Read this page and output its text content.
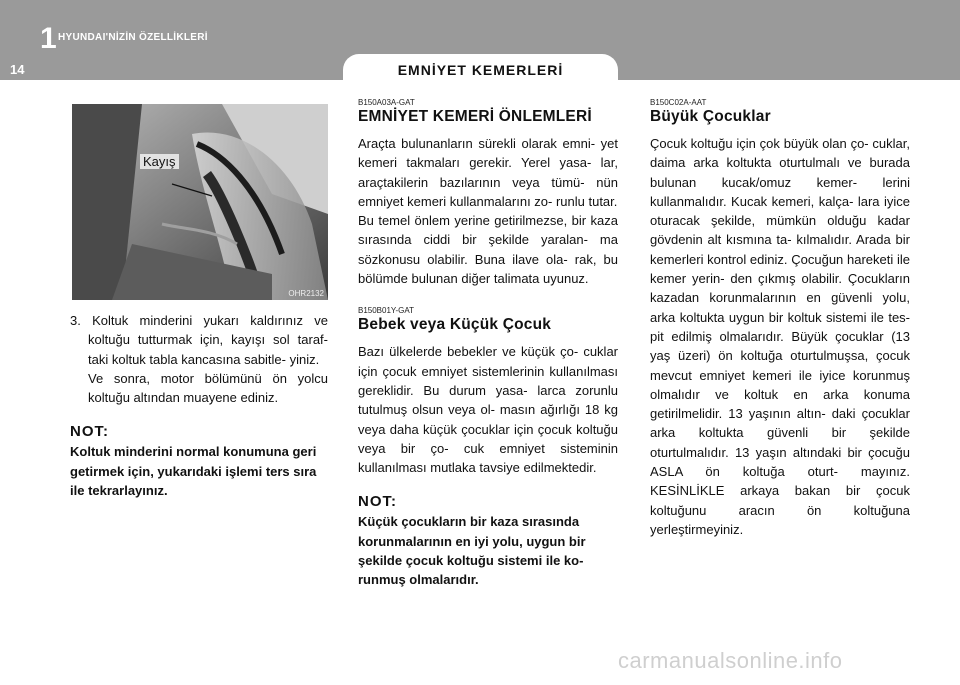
1 HYUNDAI'NİZİN ÖZELLİKLERİ
14	EMNİYET KEMERLERİ
Kayış
OHR2132

3. Koltuk minderini yukarı kaldırınız ve koltuğu tutturmak için, kayışı sol taraf- taki koltuk tabla kancasına sabitle- yiniz.

Ve sonra, motor bölümünü ön yolcu koltuğu altından muayene ediniz.

NOT:

Koltuk minderini normal konumuna geri getirmek için, yukarıdaki işlemi ters sıra ile tekrarlayınız.

B150A03A-GAT
EMNİYET KEMERİ ÖNLEMLERİ

Araçta bulunanların sürekli olarak emni- yet kemeri takmaları gerekir. Yerel yasa- lar, araçtakilerin bazılarının veya tümü- nün emniyet kemeri kullanmalarını zo- runlu tutar.

Bu temel önlem yerine getirilmezse, bir kaza sırasında ciddi bir şekilde yaralan- ma sözkonusu olabilir. Buna ilave ola- rak, bu bölümde bulunan diğer talimata uyunuz.

B150B01Y-GAT
Bebek veya Küçük Çocuk

Bazı ülkelerde bebekler ve küçük ço- cuklar için çocuk emniyet sistemlerinin kullanılması gereklidir. Bu durum yasa- larca zorunlu tutulmuş olsun veya ol- masın ağırlığı 18 kg veya daha küçük çocuklar için çocuk koltuğu veya bir ço- cuk emniyet sisteminin kullanılması mutlaka tavsiye edilmektedir.

NOT:

Küçük çocukların bir kaza sırasında korunmalarının en iyi yolu, uygun bir şekilde çocuk koltuğu sistemi ile ko- runmuş olmalarıdır.

B150C02A-AAT
Büyük Çocuklar

Çocuk koltuğu için çok büyük olan ço- cuklar, daima arka koltukta oturtulmalı ve burada bulunan kucak/omuz kemer- lerini kullanmalıdır. Kucak kemeri, kalça- lara iyice oturacak şekilde, mümkün olduğu kadar gövdenin alt kısmına ta- kılmalıdır. Arada bir kemerleri kontrol ediniz. Çocuğun hareketi ile kemer yerin- den çıkmış olabilir. Çocukların kazadan korunmalarının en güvenli yolu, arka koltukta uygun bir koltuk sistemi ile tes- pit edilmiş olmalarıdır. Büyük çocuklar (13 yaş üzeri) ön koltuğa oturtulmuşsa, çocuk mevcut emniyet kemeri ile iyice korunmuş olmalıdır ve koltuk en arka konuma getirilmelidir. 13 yaşının altın- daki çocuklar arka koltukta güvenli bir şekilde oturtulmalıdır. 13 yaşın altındaki bir çocuğu ASLA ön koltuğa oturt- mayınız. KESİNLİKLE arkaya bakan bir çocuk koltuğunu aracın ön koltuğuna yerleştirmeyiniz.

carmanualsonline.info
